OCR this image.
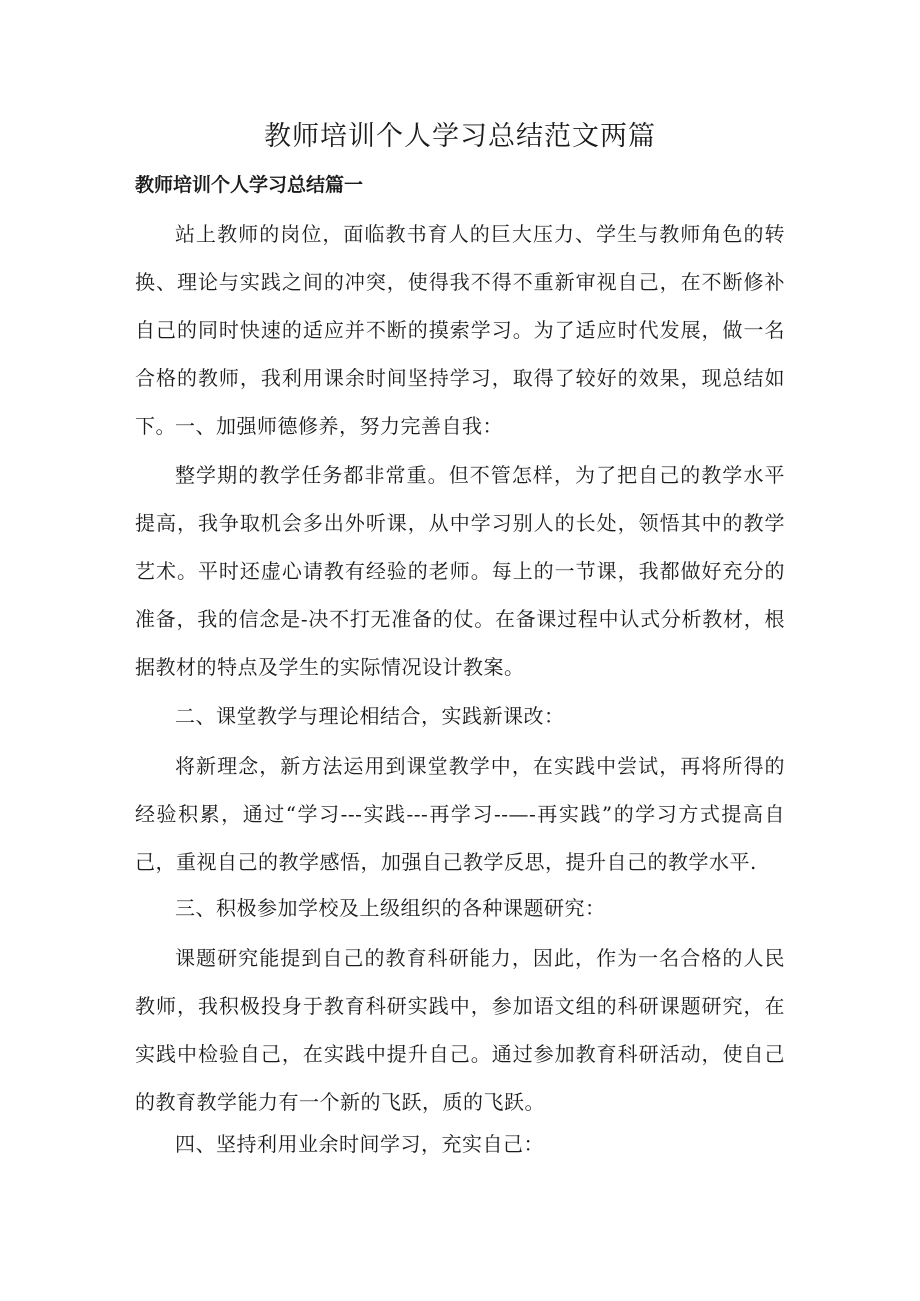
教师培训个人学习总结范文两篇
教师培训个人学习总结篇一

站上教师的岗位，面临教书育人的巨大压力、学生与教师角色的转换、理论与实践之间的冲突，使得我不得不重新审视自己，在不断修补自己的同时快速的适应并不断的摸索学习。为了适应时代发展，做一名合格的教师，我利用课余时间坚持学习，取得了较好的效果，现总结如下。 一、加强师德修养，努力完善自我：

整学期的教学任务都非常重。但不管怎样，为了把自己的教学水平提高，我争取机会多出外听课，从中学习别人的长处，领悟其中的教学艺术。平时还虚心请教有经验的老师。每上的一节课，我都做好充分的准备，我的信念是-决不打无准备的仗。在备课过程中认式分析教材，根据教材的特点及学生的实际情况设计教案。

二、课堂教学与理论相结合，实践新课改：

将新理念，新方法运用到课堂教学中，在实践中尝试，再将所得的经验积累，通过“学习---实践---再学习--—-再实践”的学习方式提高自己，重视自己的教学感悟，加强自己教学反思，提升自己的教学水平.

三、积极参加学校及上级组织的各种课题研究：

课题研究能提到自己的教育科研能力，因此，作为一名合格的人民教师，我积极投身于教育科研实践中，参加语文组的科研课题研究，在实践中检验自己，在实践中提升自己。通过参加教育科研活动，使自己的教育教学能力有一个新的飞跃，质的飞跃。

四、坚持利用业余时间学习，充实自己：
